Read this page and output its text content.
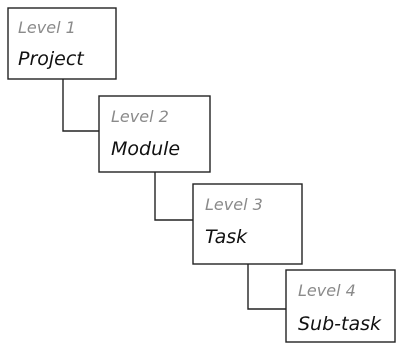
Level 1
Project
Level 2
Module
Level 3
Task
Level 4
Sub-task
